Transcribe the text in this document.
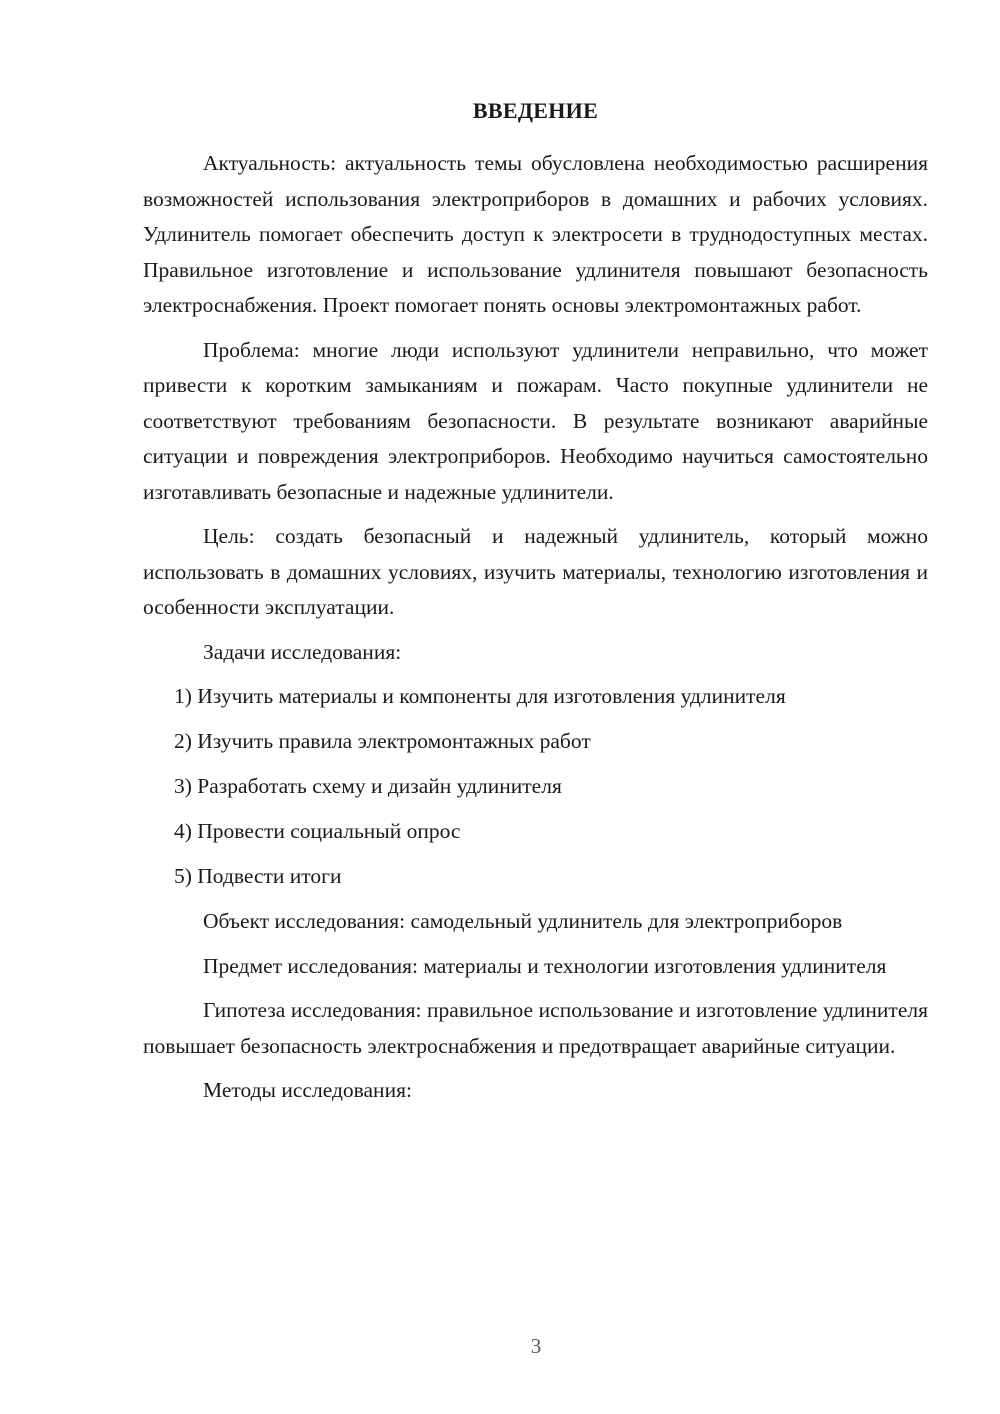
ВВЕДЕНИЕ

Актуальность: актуальность темы обусловлена необходимостью расширения возможностей использования электроприборов в домашних и рабочих условиях. Удлинитель помогает обеспечить доступ к электросети в труднодоступных местах. Правильное изготовление и использование удлинителя повышают безопасность электроснабжения. Проект помогает понять основы электромонтажных работ.

Проблема: многие люди используют удлинители неправильно, что может привести к коротким замыканиям и пожарам. Часто покупные удлинители не соответствуют требованиям безопасности. В результате возникают аварийные ситуации и повреждения электроприборов. Необходимо научиться самостоятельно изготавливать безопасные и надежные удлинители.

Цель: создать безопасный и надежный удлинитель, который можно использовать в домашних условиях, изучить материалы, технологию изготовления и особенности эксплуатации.

Задачи исследования:

1) Изучить материалы и компоненты для изготовления удлинителя
2) Изучить правила электромонтажных работ
3) Разработать схему и дизайн удлинителя
4) Провести социальный опрос
5) Подвести итоги

Объект исследования: самодельный удлинитель для электроприборов

Предмет исследования: материалы и технологии изготовления удлинителя

Гипотеза исследования: правильное использование и изготовление удлинителя повышает безопасность электроснабжения и предотвращает аварийные ситуации.

Методы исследования:

3
